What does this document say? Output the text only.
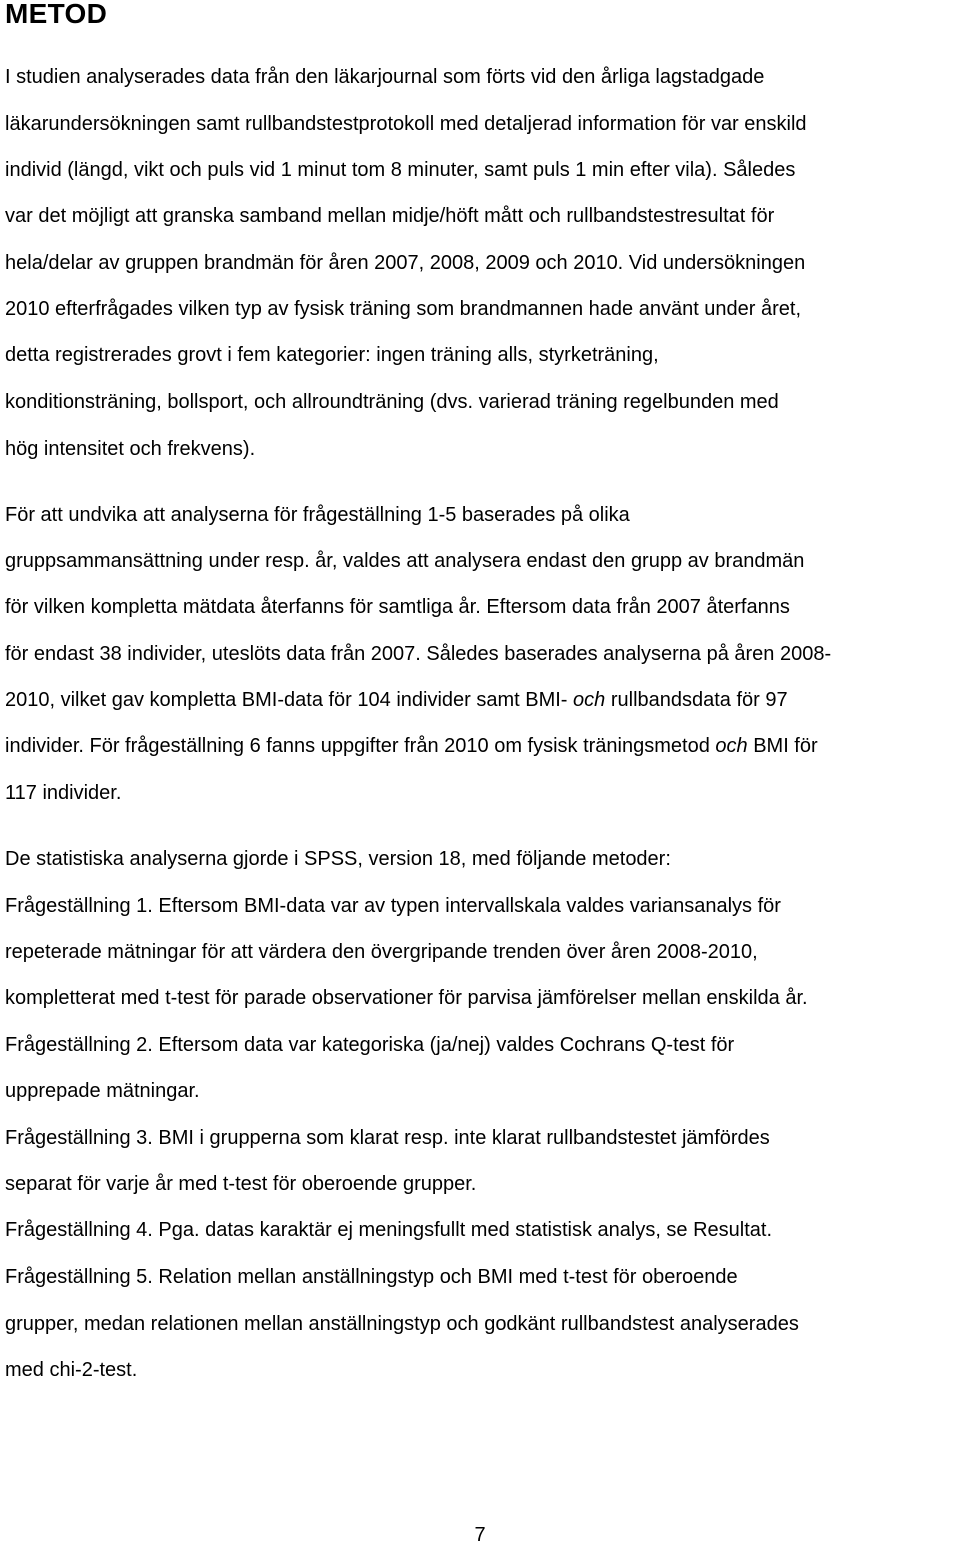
METOD

I studien analyserades data från den läkarjournal som förts vid den årliga lagstadgade

läkarundersökningen samt rullbandstestprotokoll med detaljerad information för var enskild

individ (längd, vikt och puls vid 1 minut tom 8 minuter, samt puls 1 min efter vila). Således

var det möjligt att granska samband mellan midje/höft mått och rullbandstestresultat för

hela/delar av gruppen brandmän för åren 2007, 2008, 2009 och 2010. Vid undersökningen

2010 efterfrågades vilken typ av fysisk träning som brandmannen hade använt under året,

detta registrerades grovt i fem kategorier: ingen träning alls, styrketräning,

konditionsträning, bollsport, och allroundträning (dvs. varierad träning regelbunden med

hög intensitet och frekvens).

För att undvika att analyserna för frågeställning 1-5 baserades på olika

gruppsammansättning under resp. år, valdes att analysera endast den grupp av brandmän

för vilken kompletta mätdata återfanns för samtliga år. Eftersom data från 2007 återfanns

för endast 38 individer, uteslöts data från 2007. Således baserades analyserna på åren 2008-

2010, vilket gav kompletta BMI-data för 104 individer samt BMI- och rullbandsdata för 97

individer. För frågeställning 6 fanns uppgifter från 2010 om fysisk träningsmetod och BMI för

117 individer.

De statistiska analyserna gjorde i SPSS, version 18, med följande metoder:

Frågeställning 1. Eftersom BMI-data var av typen intervallskala valdes variansanalys för

repeterade mätningar för att värdera den övergripande trenden över åren 2008-2010,

kompletterat med t-test för parade observationer för parvisa jämförelser mellan enskilda år.

Frågeställning 2. Eftersom data var kategoriska (ja/nej) valdes Cochrans Q-test för

upprepade mätningar.

Frågeställning 3. BMI i grupperna som klarat resp. inte klarat rullbandstestet jämfördes

separat för varje år med t-test för oberoende grupper.

Frågeställning 4. Pga. datas karaktär ej meningsfullt med statistisk analys, se Resultat.

Frågeställning 5. Relation mellan anställningstyp och BMI med t-test för oberoende

grupper, medan relationen mellan anställningstyp och godkänt rullbandstest analyserades

med chi-2-test.

7
